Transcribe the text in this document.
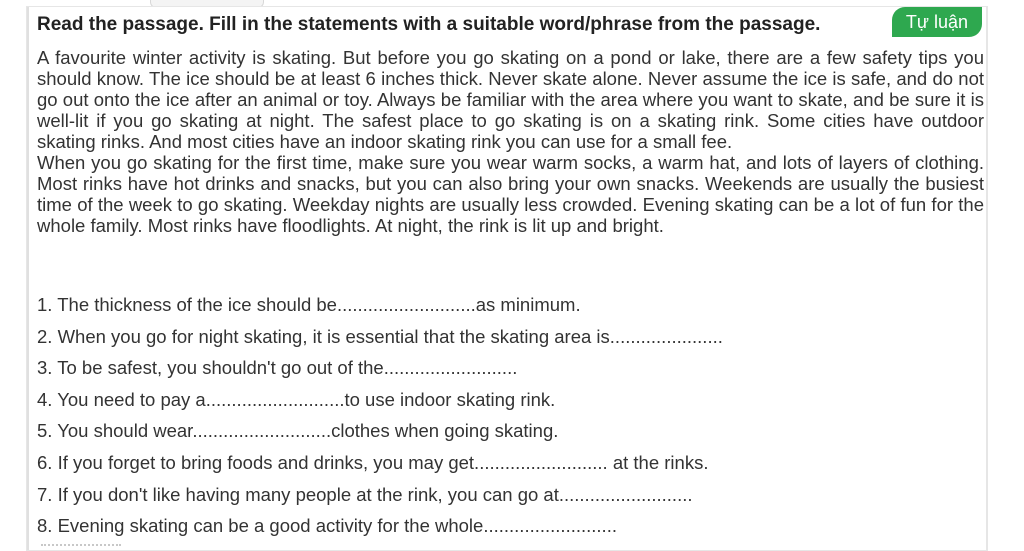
Read the passage. Fill in the statements with a suitable word/phrase from the passage.	Tự luận

A favourite winter activity is skating. But before you go skating on a pond or lake, there are a few safety tips you should know. The ice should be at least 6 inches thick. Never skate alone. Never assume the ice is safe, and do not go out onto the ice after an animal or toy. Always be familiar with the area where you want to skate, and be sure it is well-lit if you go skating at night. The safest place to go skating is on a skating rink. Some cities have outdoor skating rinks. And most cities have an indoor skating rink you can use for a small fee.

When you go skating for the first time, make sure you wear warm socks, a warm hat, and lots of layers of clothing. Most rinks have hot drinks and snacks, but you can also bring your own snacks. Weekends are usually the busiest time of the week to go skating. Weekday nights are usually less crowded. Evening skating can be a lot of fun for the whole family. Most rinks have floodlights. At night, the rink is lit up and bright.

1. The thickness of the ice should be...........................as minimum.
2. When you go for night skating, it is essential that the skating area is......................
3. To be safest, you shouldn't go out of the..........................
4. You need to pay a...........................to use indoor skating rink.
5. You should wear...........................clothes when going skating.
6. If you forget to bring foods and drinks, you may get.......................... at the rinks.
7. If you don't like having many people at the rink, you can go at..........................
8. Evening skating can be a good activity for the whole..........................
